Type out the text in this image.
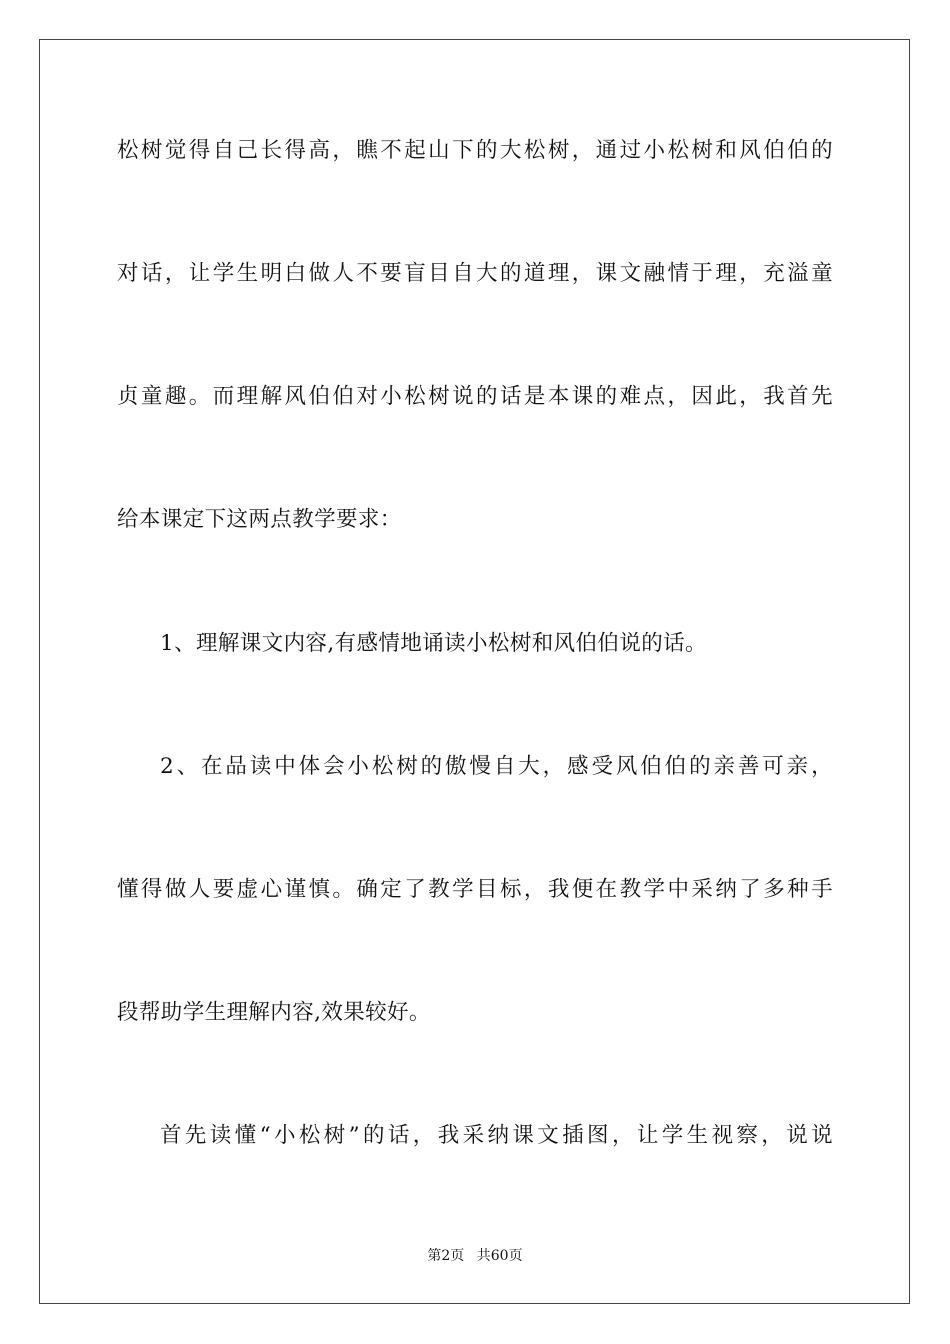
松树觉得自己长得高，瞧不起山下的大松树，通过小松树和风伯伯的
对话，让学生明白做人不要盲目自大的道理，课文融情于理，充溢童
贞童趣。而理解风伯伯对小松树说的话是本课的难点，因此，我首先
给本课定下这两点教学要求：
1、理解课文内容,有感情地诵读小松树和风伯伯说的话。
2、在品读中体会小松树的傲慢自大，感受风伯伯的亲善可亲，
懂得做人要虚心谨慎。确定了教学目标，我便在教学中采纳了多种手
段帮助学生理解内容,效果较好。
首先读懂“小松树”的话，我采纳课文插图，让学生视察，说说
第2页 共60页
